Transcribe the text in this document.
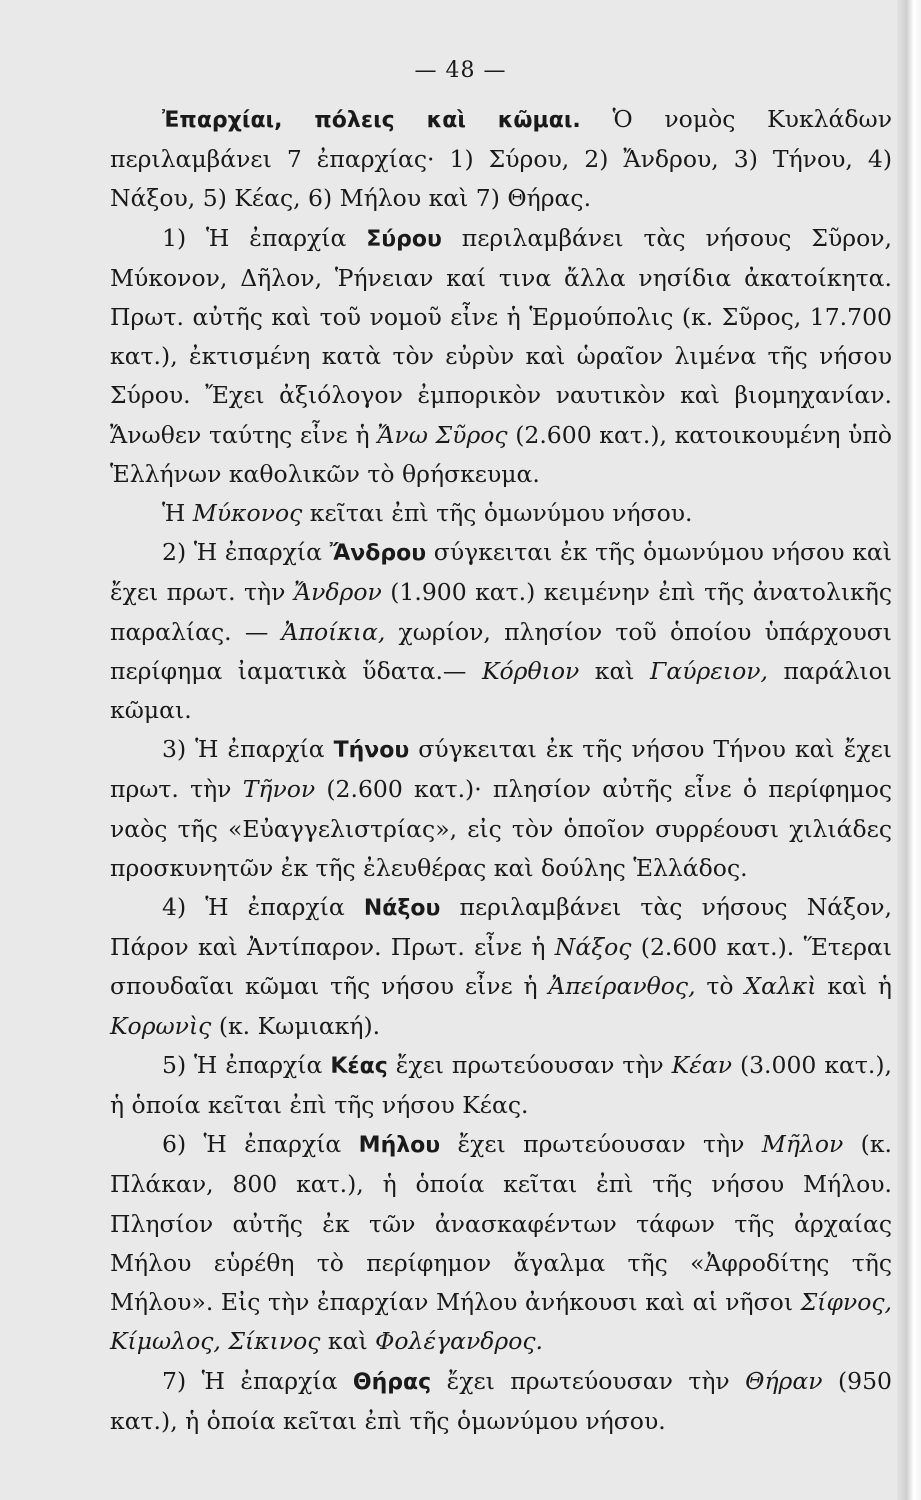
— 48 —

Ἐπαρχίαι, πόλεις καὶ κῶμαι. Ὁ νομὸς Κυκλάδων περιλαμβάνει 7 ἐπαρχίας· 1) Σύρου, 2) Ἄνδρου, 3) Τήνου, 4) Νάξου, 5) Κέας, 6) Μήλου καὶ 7) Θήρας.

1) Ἡ ἐπαρχία Σύρου περιλαμβάνει τὰς νήσους Σῦρον, Μύκονον, Δῆλον, Ῥήνειαν καί τινα ἄλλα νησίδια ἀκατοίκητα. Πρωτ. αὐτῆς καὶ τοῦ νομοῦ εἶνε ἡ Ἑρμούπολις (κ. Σῦρος, 17.700 κατ.), ἐκτισμένη κατὰ τὸν εὐρὺν καὶ ὡραῖον λιμένα τῆς νήσου Σύρου. Ἔχει ἀξιόλογον ἐμπορικὸν ναυτικὸν καὶ βιομηχανίαν. Ἄνωθεν ταύτης εἶνε ἡ Ἄνω Σῦρος (2.600 κατ.), κατοικουμένη ὑπὸ Ἑλλήνων καθολικῶν τὸ θρήσκευμα.

Ἡ Μύκονος κεῖται ἐπὶ τῆς ὁμωνύμου νήσου.

2) Ἡ ἐπαρχία Ἄνδρου σύγκειται ἐκ τῆς ὁμωνύμου νήσου καὶ ἔχει πρωτ. τὴν Ἄνδρον (1.900 κατ.) κειμένην ἐπὶ τῆς ἀνατολικῆς παραλίας. — Ἀποίκια, χωρίον, πλησίον τοῦ ὁποίου ὑπάρχουσι περίφημα ἰαματικὰ ὕδατα.— Κόρθιον καὶ Γαύρειον, παράλιοι κῶμαι.

3) Ἡ ἐπαρχία Τήνου σύγκειται ἐκ τῆς νήσου Τήνου καὶ ἔχει πρωτ. τὴν Τῆνον (2.600 κατ.)· πλησίον αὐτῆς εἶνε ὁ περίφημος ναὸς τῆς «Εὐαγγελιστρίας», εἰς τὸν ὁποῖον συρρέουσι χιλιάδες προσκυνητῶν ἐκ τῆς ἐλευθέρας καὶ δούλης Ἑλλάδος.

4) Ἡ ἐπαρχία Νάξου περιλαμβάνει τὰς νήσους Νάξον, Πάρον καὶ Ἀντίπαρον. Πρωτ. εἶνε ἡ Νάξος (2.600 κατ.). Ἕτεραι σπουδαῖαι κῶμαι τῆς νήσου εἶνε ἡ Ἀπείρανθος, τὸ Χαλκὶ καὶ ἡ Κορωνὶς (κ. Κωμιακή).

5) Ἡ ἐπαρχία Κέας ἔχει πρωτεύουσαν τὴν Κέαν (3.000 κατ.), ἡ ὁποία κεῖται ἐπὶ τῆς νήσου Κέας.

6) Ἡ ἐπαρχία Μήλου ἔχει πρωτεύουσαν τὴν Μῆλον (κ. Πλάκαν, 800 κατ.), ἡ ὁποία κεῖται ἐπὶ τῆς νήσου Μήλου. Πλησίον αὐτῆς ἐκ τῶν ἀνασκαφέντων τάφων τῆς ἀρχαίας Μήλου εὑρέθη τὸ περίφημον ἄγαλμα τῆς «Ἀφροδίτης τῆς Μήλου». Εἰς τὴν ἐπαρχίαν Μήλου ἀνήκουσι καὶ αἱ νῆσοι Σίφνος, Κίμωλος, Σίκινος καὶ Φολέγανδρος.

7) Ἡ ἐπαρχία Θήρας ἔχει πρωτεύουσαν τὴν Θήραν (950 κατ.), ἡ ὁποία κεῖται ἐπὶ τῆς ὁμωνύμου νήσου.
